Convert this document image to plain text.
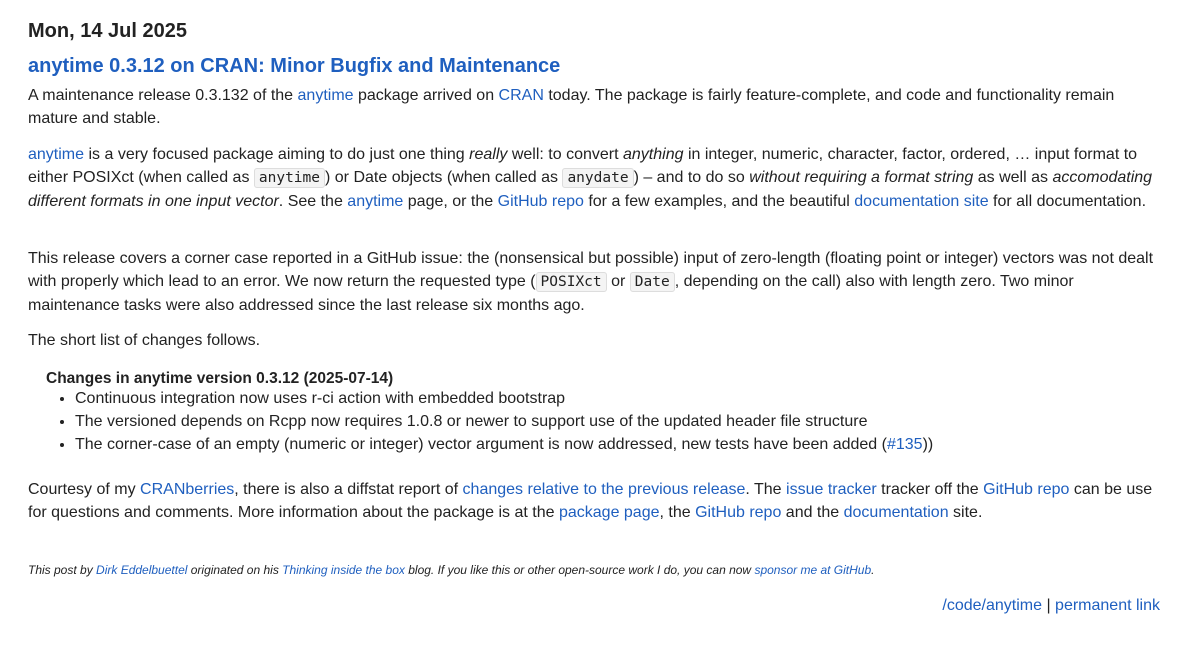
Mon, 14 Jul 2025
anytime 0.3.12 on CRAN: Minor Bugfix and Maintenance

A maintenance release 0.3.132 of the anytime package arrived on CRAN today. The package is fairly feature-complete, and code and functionality remain mature and stable.

anytime is a very focused package aiming to do just one thing really well: to convert anything in integer, numeric, character, factor, ordered, … input format to either POSIXct (when called as anytime ) or Date objects (when called as anydate ) – and to do so without requiring a format string as well as accomodating different formats in one input vector. See the anytime page, or the GitHub repo for a few examples, and the beautiful documentation site for all documentation.

This release covers a corner case reported in a GitHub issue: the (nonsensical but possible) input of zero-length (floating point or integer) vectors was not dealt with properly which lead to an error. We now return the requested type ( POSIXct or Date , depending on the call) also with length zero. Two minor maintenance tasks were also addressed since the last release six months ago.

The short list of changes follows.

Changes in anytime version 0.3.12 (2025-07-14)

• Continuous integration now uses r-ci action with embedded bootstrap
• The versioned depends on Rcpp now requires 1.0.8 or newer to support use of the updated header file structure
• The corner-case of an empty (numeric or integer) vector argument is now addressed, new tests have been added (#135))

Courtesy of my CRANberries, there is also a diffstat report of changes relative to the previous release. The issue tracker tracker off the GitHub repo can be use for questions and comments. More information about the package is at the package page, the GitHub repo and the documentation site.

This post by Dirk Eddelbuettel originated on his Thinking inside the box blog. If you like this or other open-source work I do, you can now sponsor me at GitHub.

/code/anytime | permanent link
